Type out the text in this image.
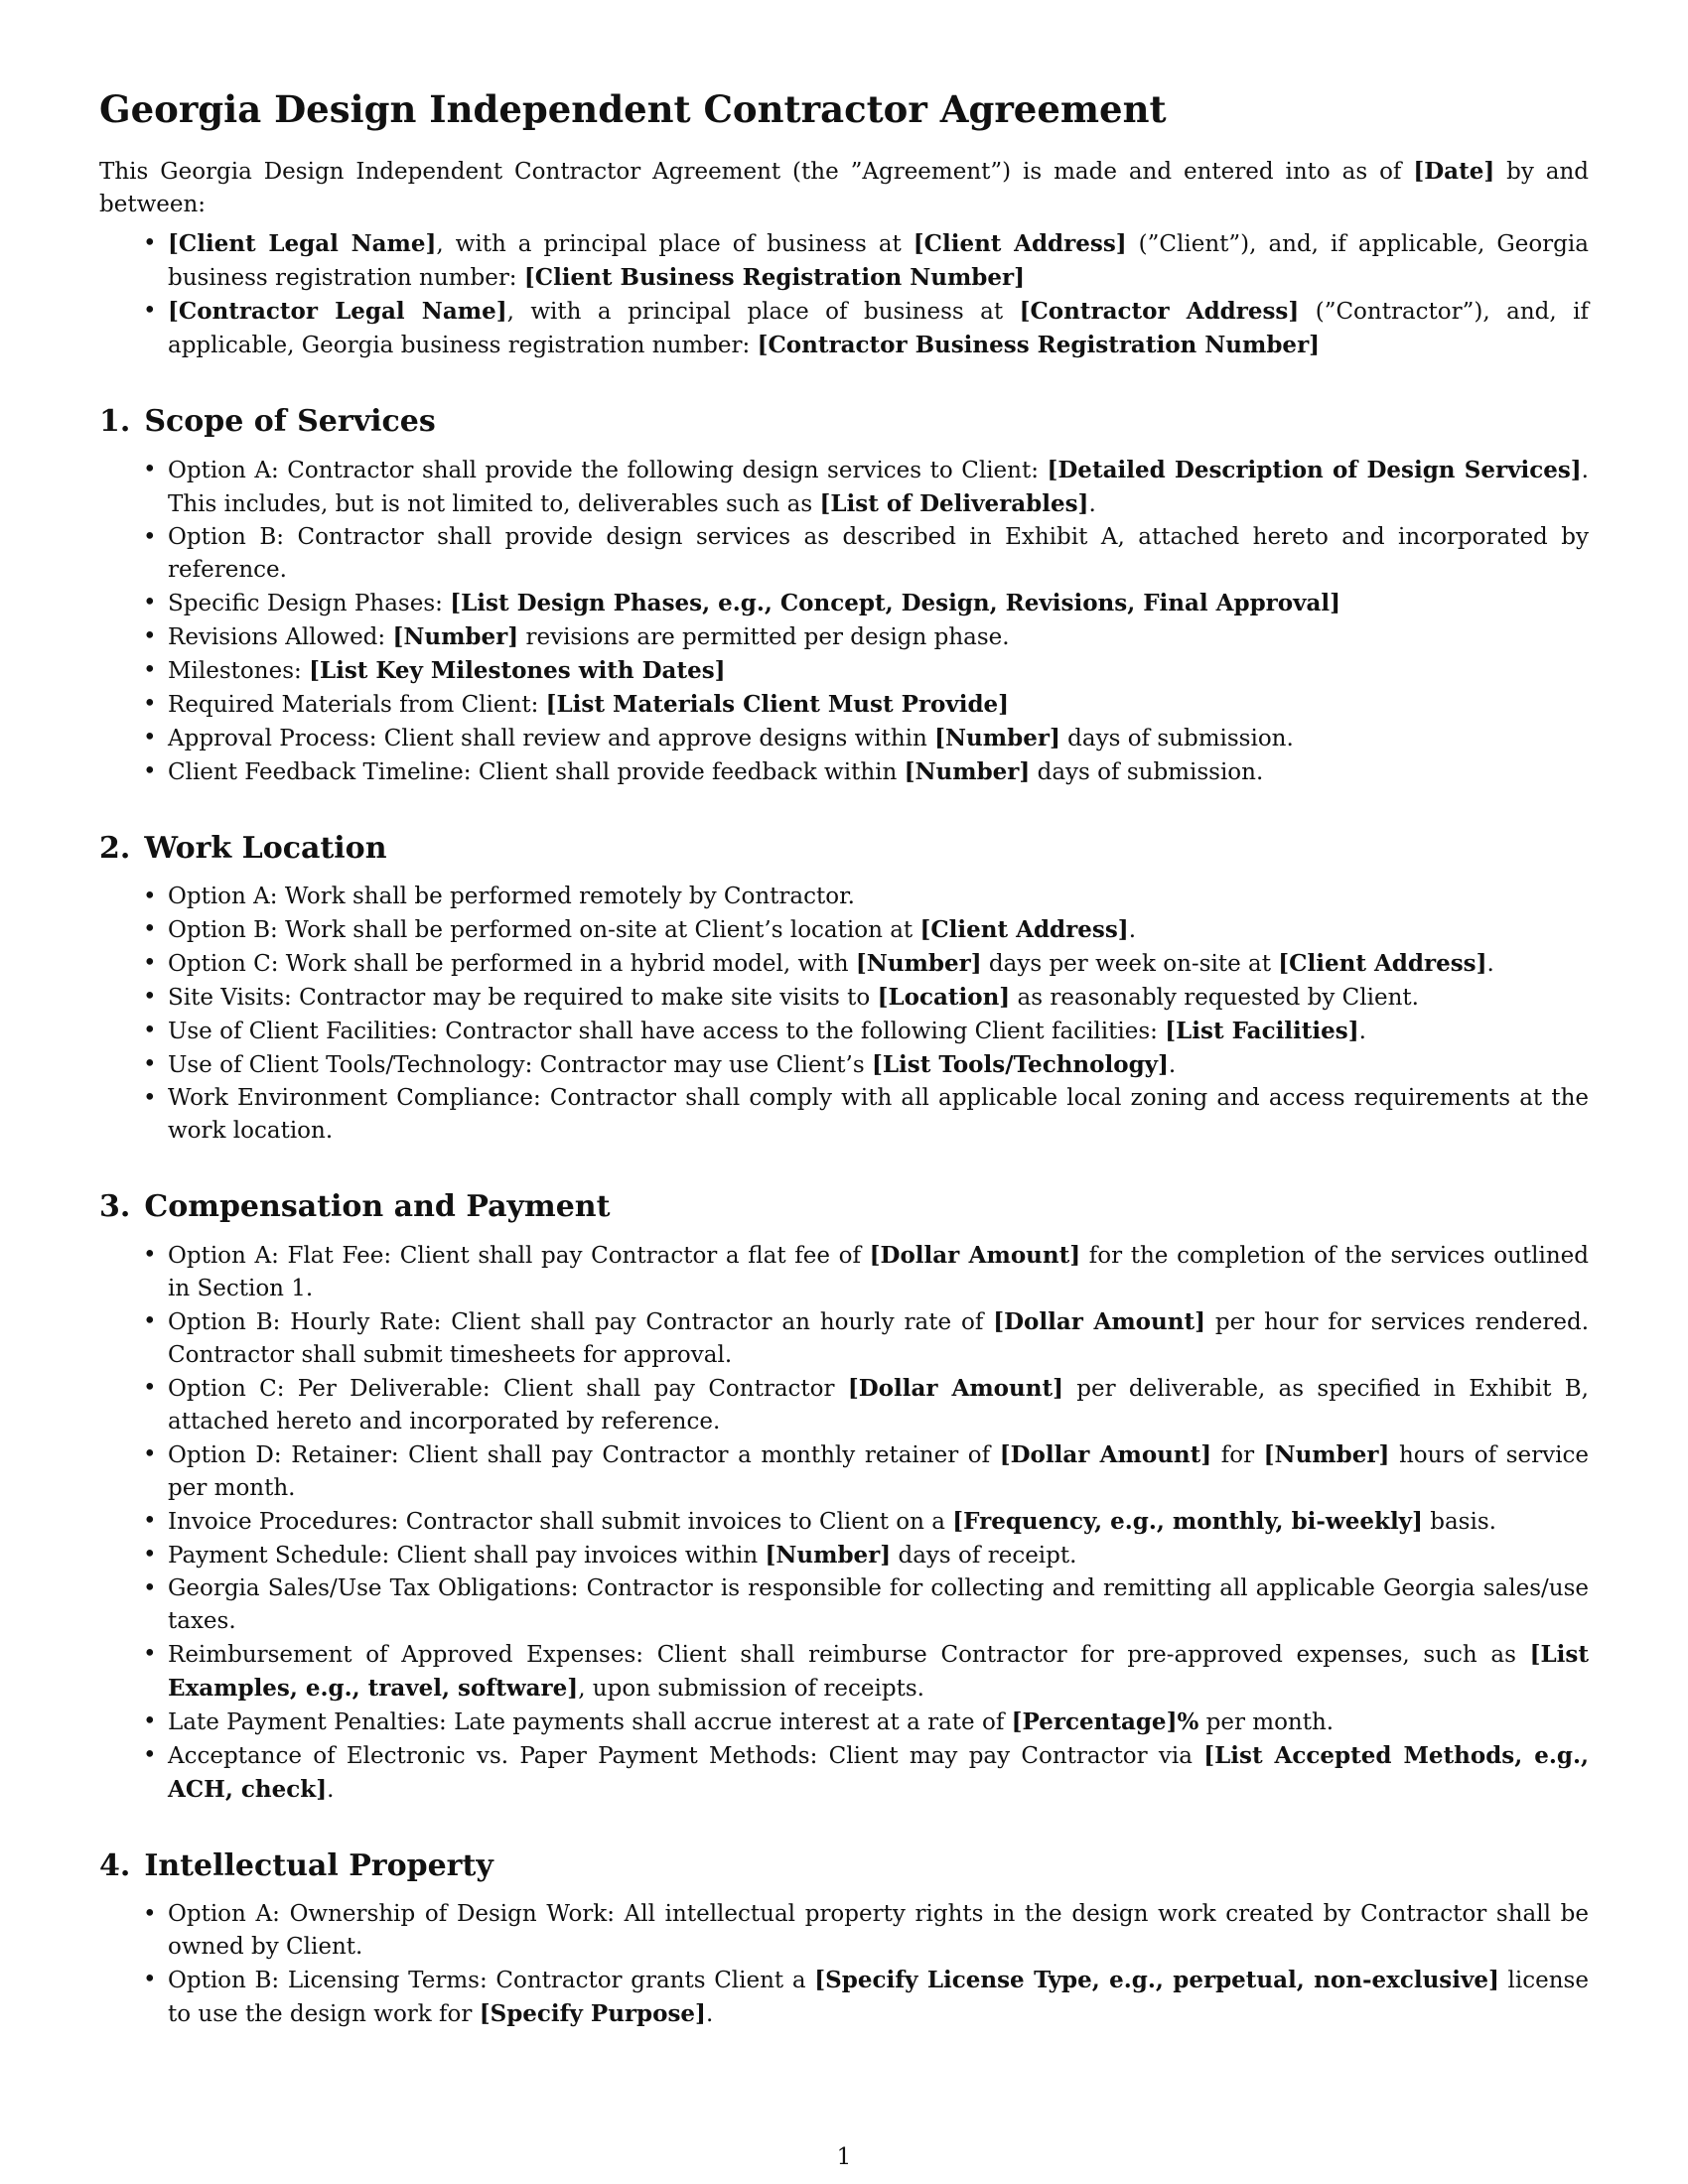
Georgia Design Independent Contractor Agreement

This Georgia Design Independent Contractor Agreement (the ”Agreement”) is made and entered into as of [Date] by and between:

• [Client Legal Name], with a principal place of business at [Client Address] (”Client”), and, if applicable, Georgia business registration number: [Client Business Registration Number]
• [Contractor Legal Name], with a principal place of business at [Contractor Address] (”Contractor”), and, if applicable, Georgia business registration number: [Contractor Business Registration Number]
1. Scope of Services
• Option A: Contractor shall provide the following design services to Client: [Detailed Description of Design Services]. This includes, but is not limited to, deliverables such as [List of Deliverables].
• Option B: Contractor shall provide design services as described in Exhibit A, attached hereto and incorporated by reference.
• Specific Design Phases: [List Design Phases, e.g., Concept, Design, Revisions, Final Approval]
• Revisions Allowed: [Number] revisions are permitted per design phase.
• Milestones: [List Key Milestones with Dates]
• Required Materials from Client: [List Materials Client Must Provide]
• Approval Process: Client shall review and approve designs within [Number] days of submission.
• Client Feedback Timeline: Client shall provide feedback within [Number] days of submission.
2. Work Location
• Option A: Work shall be performed remotely by Contractor.
• Option B: Work shall be performed on-site at Client’s location at [Client Address].
• Option C: Work shall be performed in a hybrid model, with [Number] days per week on-site at [Client Address].
• Site Visits: Contractor may be required to make site visits to [Location] as reasonably requested by Client.
• Use of Client Facilities: Contractor shall have access to the following Client facilities: [List Facilities].
• Use of Client Tools/Technology: Contractor may use Client’s [List Tools/Technology].
• Work Environment Compliance: Contractor shall comply with all applicable local zoning and access requirements at the work location.
3. Compensation and Payment
• Option A: Flat Fee: Client shall pay Contractor a flat fee of [Dollar Amount] for the completion of the services outlined in Section 1.
• Option B: Hourly Rate: Client shall pay Contractor an hourly rate of [Dollar Amount] per hour for services rendered. Contractor shall submit timesheets for approval.
• Option C: Per Deliverable: Client shall pay Contractor [Dollar Amount] per deliverable, as specified in Exhibit B, attached hereto and incorporated by reference.
• Option D: Retainer: Client shall pay Contractor a monthly retainer of [Dollar Amount] for [Number] hours of service per month.
• Invoice Procedures: Contractor shall submit invoices to Client on a [Frequency, e.g., monthly, bi-weekly] basis.
• Payment Schedule: Client shall pay invoices within [Number] days of receipt.
• Georgia Sales/Use Tax Obligations: Contractor is responsible for collecting and remitting all applicable Georgia sales/use taxes.
• Reimbursement of Approved Expenses: Client shall reimburse Contractor for pre-approved expenses, such as [List Examples, e.g., travel, software], upon submission of receipts.
• Late Payment Penalties: Late payments shall accrue interest at a rate of [Percentage]% per month.
• Acceptance of Electronic vs. Paper Payment Methods: Client may pay Contractor via [List Accepted Methods, e.g., ACH, check].
4. Intellectual Property
• Option A: Ownership of Design Work: All intellectual property rights in the design work created by Contractor shall be owned by Client.
• Option B: Licensing Terms: Contractor grants Client a [Specify License Type, e.g., perpetual, non-exclusive] license to use the design work for [Specify Purpose].
1
